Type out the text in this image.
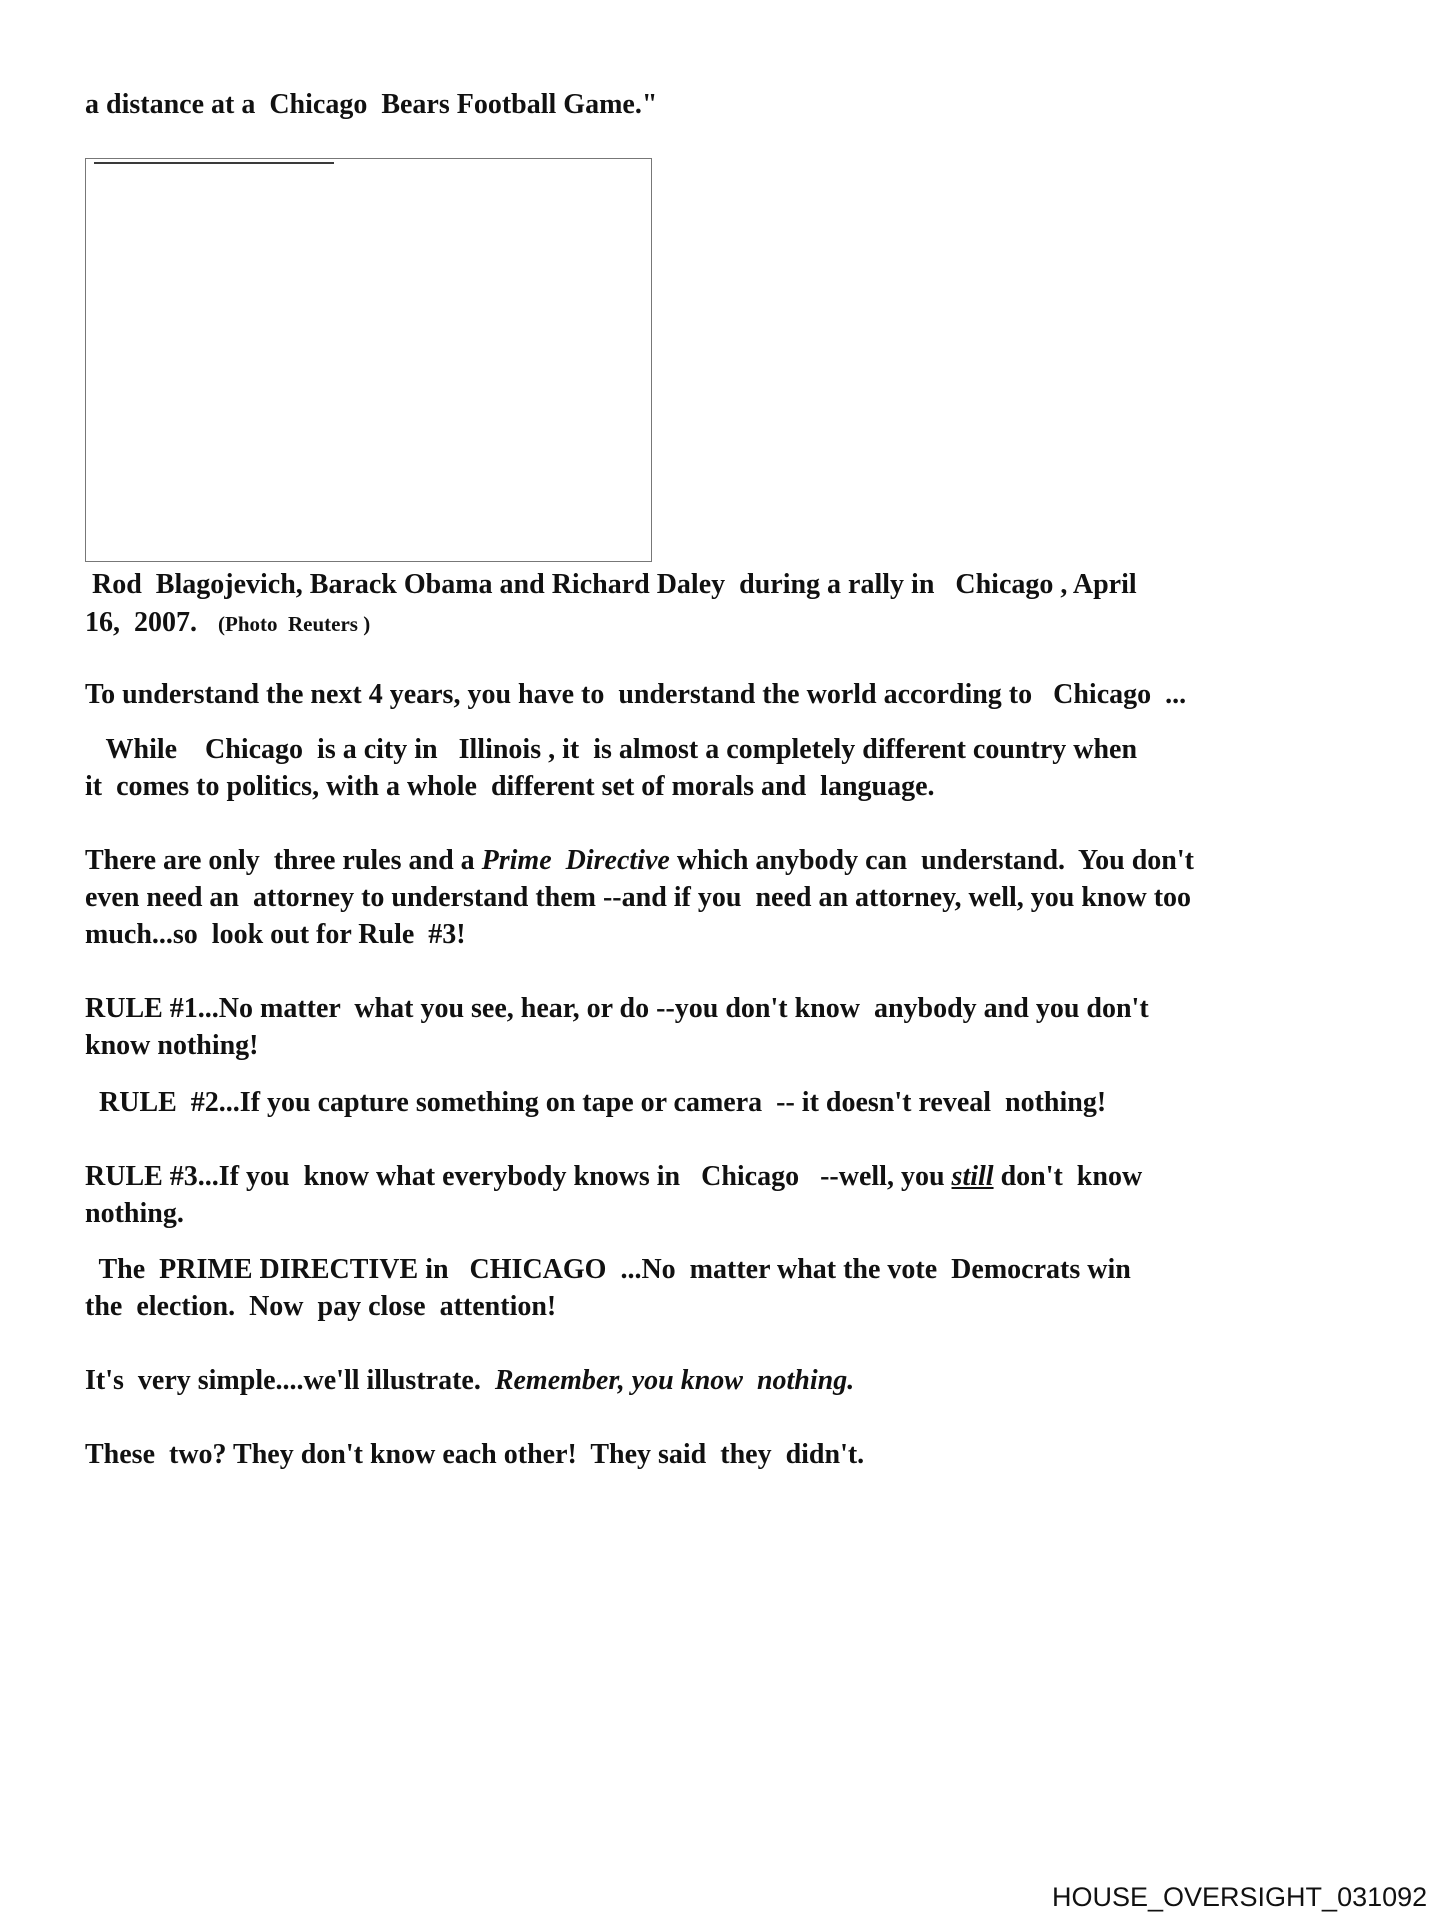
a distance at a  Chicago  Bears Football Game."

Rod  Blagojevich, Barack Obama and Richard Daley  during a rally in   Chicago , April

16,  2007. (Photo  Reuters )

To understand the next 4 years, you have to  understand the world according to   Chicago  ...

While    Chicago  is a city in   Illinois , it  is almost a completely different country when

it  comes to politics, with a whole  different set of morals and  language.

There are only  three rules and a Prime  Directive which anybody can  understand.  You don't

even need an  attorney to understand them --and if you  need an attorney, well, you know too

much...so  look out for Rule  #3!

RULE #1...No matter  what you see, hear, or do --you don't know  anybody and you don't

know nothing!

RULE  #2...If you capture something on tape or camera  -- it doesn't reveal  nothing!

RULE #3...If you  know what everybody knows in   Chicago   --well, you still don't  know

nothing.

The  PRIME DIRECTIVE in   CHICAGO  ...No  matter what the vote  Democrats win

the  election.  Now  pay close  attention!

It's  very simple....we'll illustrate.  Remember, you know  nothing.

These  two? They don't know each other!  They said  they  didn't.

HOUSE_OVERSIGHT_031092
